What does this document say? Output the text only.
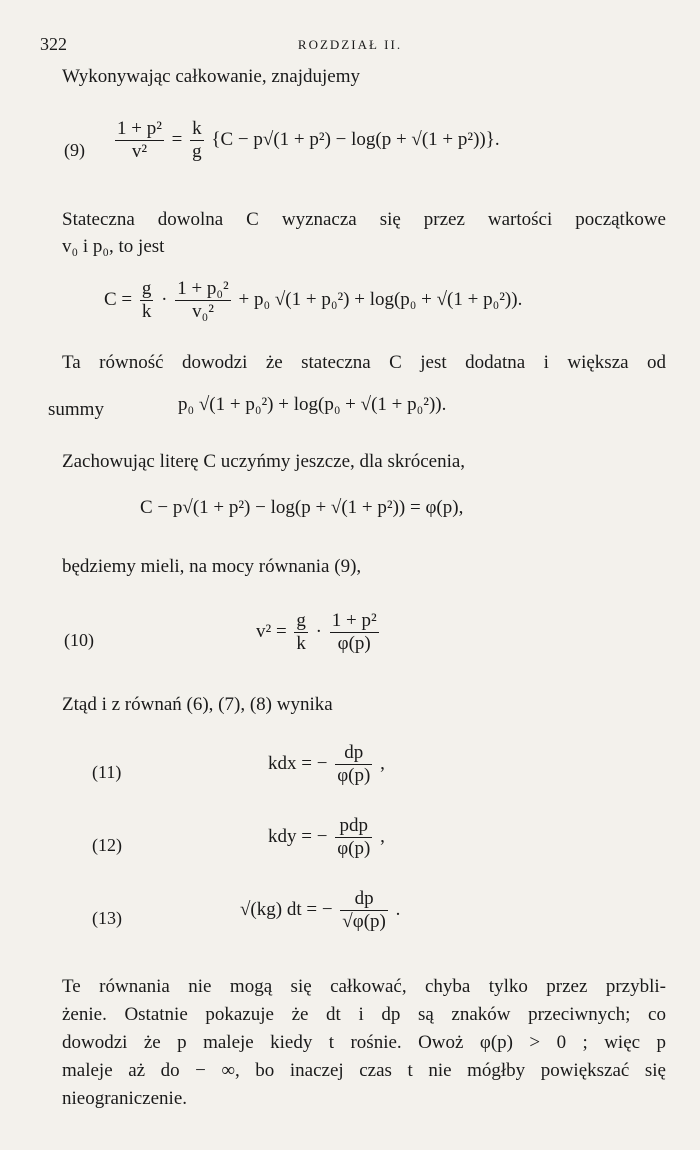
322	ROZDZIAŁ II.
Wykonywając całkowanie, znajdujemy
$(9) \frac{\text{1 + p²}}{\text{v²}} = \frac{k}{g} \{C - p√(1 + p^2) - \log(p + √(1 + p^2))\}$.
Stateczna dowolna C wyznacza się przez wartości początkowe
v₀ i p₀, to jest
$C = \frac{g}{k} \cdot \frac{\text{1 + p₀²}}{\text{v₀²}} + p_0$ √(1 + p₀²) + log(p₀ + √(1 + p₀²)).
Ta równość dowodzi że stateczna C jest dodatna i większa od
summy	p₀ √(1 + p₀²) + log(p₀ + √(1 + p₀²)).
Zachowując literę C uczyńmy jeszcze, dla skrócenia,
C − p√(1 + p²) − log(p + √(1 + p²)) = φ(p),
będziemy mieli, na mocy równania (9),
(10)	$v^2 = \frac{g}{k} \cdot \frac{\text{1 + p²}}{\varphi(p)}$
Ztąd i z równań (6), (7), (8) wynika
(11)	kdx = − $\frac{dp}{\varphi(p)}$ ,
(12)	kdy = − $\frac{\text{pdp}}{\varphi(p)}$ ,
(13)	√(kg) dt = − $\frac{dp}{√\varphi(p)}$ .
Te równania nie mogą się całkować, chyba tylko przez przybli-
żenie. Ostatnie pokazuje że dt i dp są znaków przeciwnych; co
dowodzi że p maleje kiedy t rośnie. Owoż φ(p) > 0 ; więc p
maleje aż do − ∞, bo inaczej czas t nie mógłby powiększać się
nieograniczenie.
